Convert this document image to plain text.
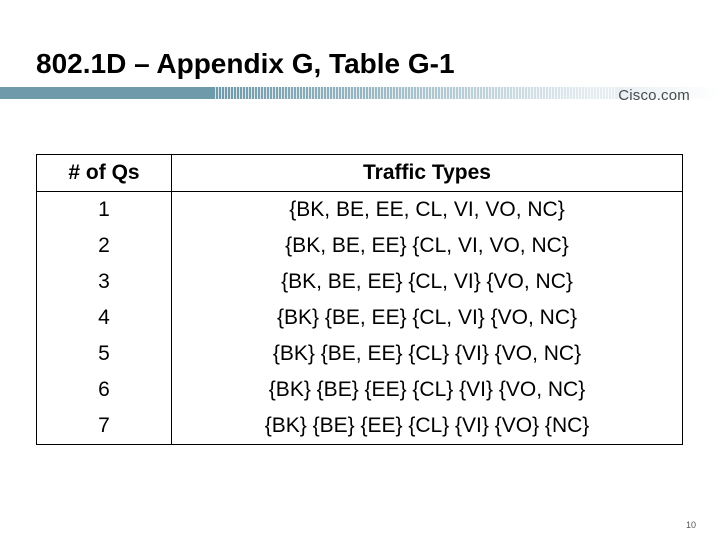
802.1D – Appendix G, Table G-1
Cisco.com
# of Qs	Traffic Types
1	{BK, BE, EE, CL, VI, VO, NC}
2	{BK, BE, EE} {CL, VI, VO, NC}
3	{BK, BE, EE} {CL, VI} {VO, NC}
4	{BK} {BE, EE} {CL, VI} {VO, NC}
5	{BK} {BE, EE} {CL} {VI} {VO, NC}
6	{BK} {BE} {EE} {CL} {VI} {VO, NC}
7	{BK} {BE} {EE} {CL} {VI} {VO} {NC}
10
